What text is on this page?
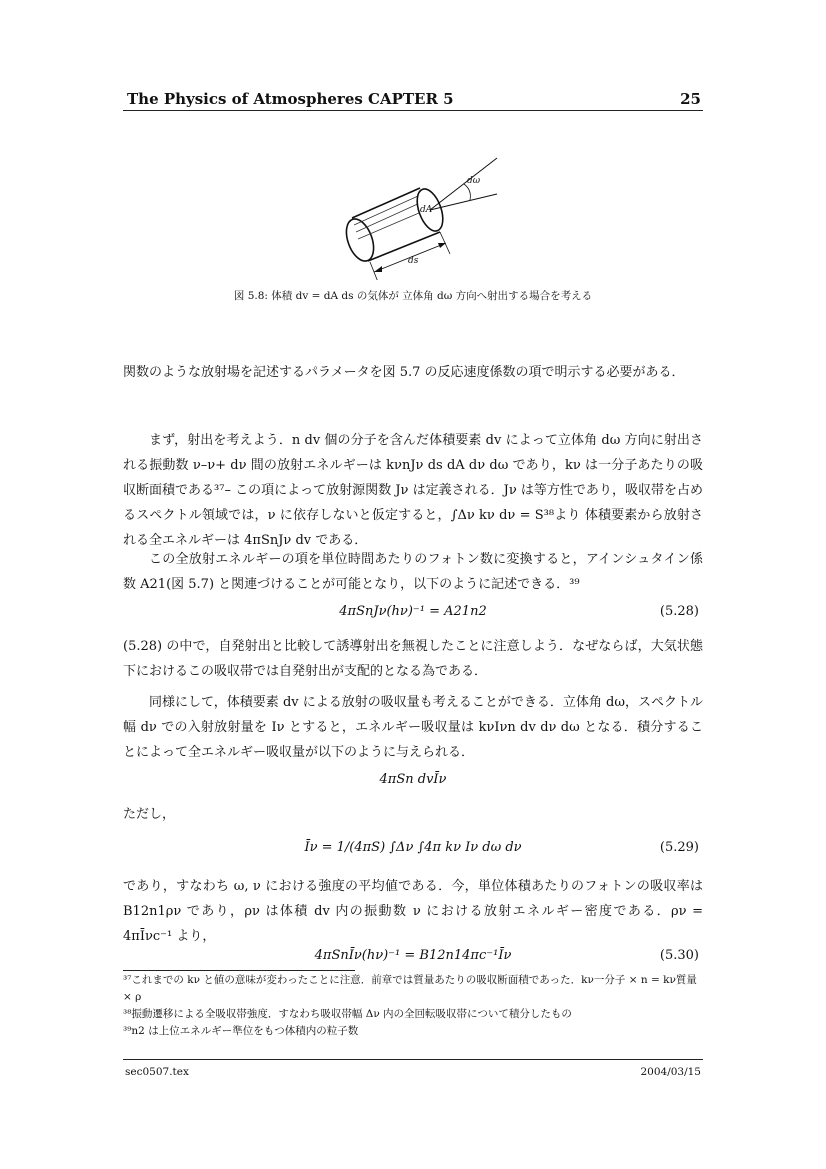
The Physics of Atmospheres CAPTER 5	25
dω
dA
ds
図 5.8: 体積 dv = dA ds の気体が 立体角 dω 方向へ射出する場合を考える

関数のような放射場を記述するパラメータを図 5.7 の反応速度係数の項で明示する必要がある．

まず，射出を考えよう．n dv 個の分子を含んだ体積要素 dv によって立体角 dω 方向に射出される振動数 ν–ν+ dν 間の放射エネルギーは kνnJν ds dA dν dω であり，kν は一分子あたりの吸収断面積である³⁷– この項によって放射源関数 Jν は定義される．Jν は等方性であり，吸収帯を占めるスペクトル領域では，ν に依存しないと仮定すると，∫Δν kν dν = S³⁸より 体積要素から放射される全エネルギーは 4πSnJν dv である．

この全放射エネルギーの項を単位時間あたりのフォトン数に変換すると，アインシュタイン係数 A21(図 5.7) と関連づけることが可能となり，以下のように記述できる．³⁹

4πSnJν(hν)⁻¹ = A21n2	(5.28)

(5.28) の中で，自発射出と比較して誘導射出を無視したことに注意しよう．なぜならば，大気状態下におけるこの吸収帯では自発射出が支配的となる為である．

同様にして，体積要素 dv による放射の吸収量も考えることができる．立体角 dω，スペクトル幅 dν での入射放射量を Iν とすると，エネルギー吸収量は kνIνn dv dν dω となる．積分することによって全エネルギー吸収量が以下のように与えられる．

4πSn dvĪν

ただし，

Īν = 1/(4πS) ∫Δν ∫4π kν Iν dω dν	(5.29)

であり，すなわち ω, ν における強度の平均値である．今，単位体積あたりのフォトンの吸収率は B12n1ρν であり，ρν は体積 dv 内の振動数 ν における放射エネルギー密度である．ρν = 4πĪνc⁻¹ より，

4πSnĪν(hν)⁻¹ = B12n14πc⁻¹Īν	(5.30)
³⁷これまでの kν と値の意味が変わったことに注意．前章では質量あたりの吸収断面積であった．kν一分子 × n = kν質量 × ρ
³⁸振動遷移による全吸収帯強度．すなわち吸収帯幅 Δν 内の全回転吸収帯について積分したもの
³⁹n2 は上位エネルギー準位をもつ体積内の粒子数
sec0507.tex	2004/03/15
